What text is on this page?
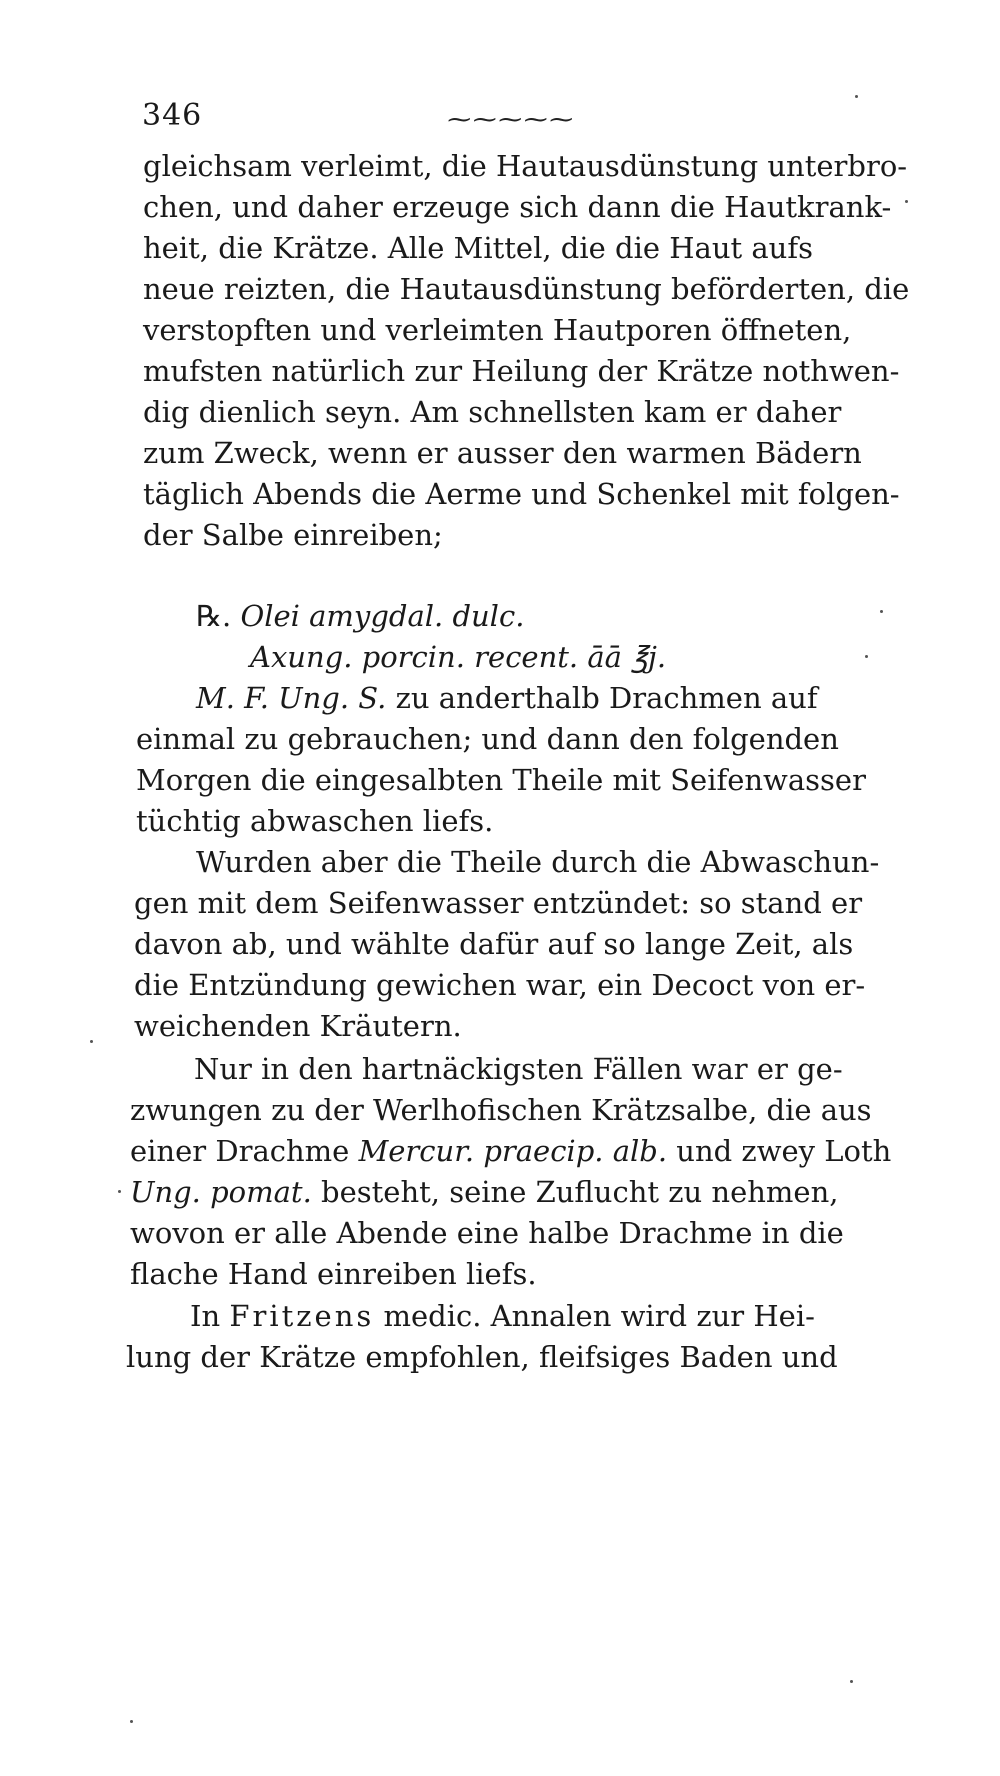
346	~~~~~
gleichsam verleimt, die Hautausdünstung unterbro-
chen, und daher erzeuge sich dann die Hautkrank-
heit, die Krätze. Alle Mittel, die die Haut aufs
neue reizten, die Hautausdünstung beförderten, die
verstopften und verleimten Hautporen öffneten,
mufsten natürlich zur Heilung der Krätze nothwen-
dig dienlich seyn. Am schnellsten kam er daher
zum Zweck, wenn er ausser den warmen Bädern
täglich Abends die Aerme und Schenkel mit folgen-
der Salbe einreiben;
℞. Olei amygdal. dulc.
Axung. porcin. recent. āā ℥j.
M. F. Ung. S. zu anderthalb Drachmen auf
einmal zu gebrauchen; und dann den folgenden
Morgen die eingesalbten Theile mit Seifenwasser
tüchtig abwaschen liefs.
Wurden aber die Theile durch die Abwaschun-
gen mit dem Seifenwasser entzündet: so stand er
davon ab, und wählte dafür auf so lange Zeit, als
die Entzündung gewichen war, ein Decoct von er-
weichenden Kräutern.
Nur in den hartnäckigsten Fällen war er ge-
zwungen zu der Werlhofischen Krätzsalbe, die aus
einer Drachme Mercur. praecip. alb. und zwey Loth
Ung. pomat. besteht, seine Zuflucht zu nehmen,
wovon er alle Abende eine halbe Drachme in die
flache Hand einreiben liefs.
In Fritzens medic. Annalen wird zur Hei-
lung der Krätze empfohlen, fleifsiges Baden und
